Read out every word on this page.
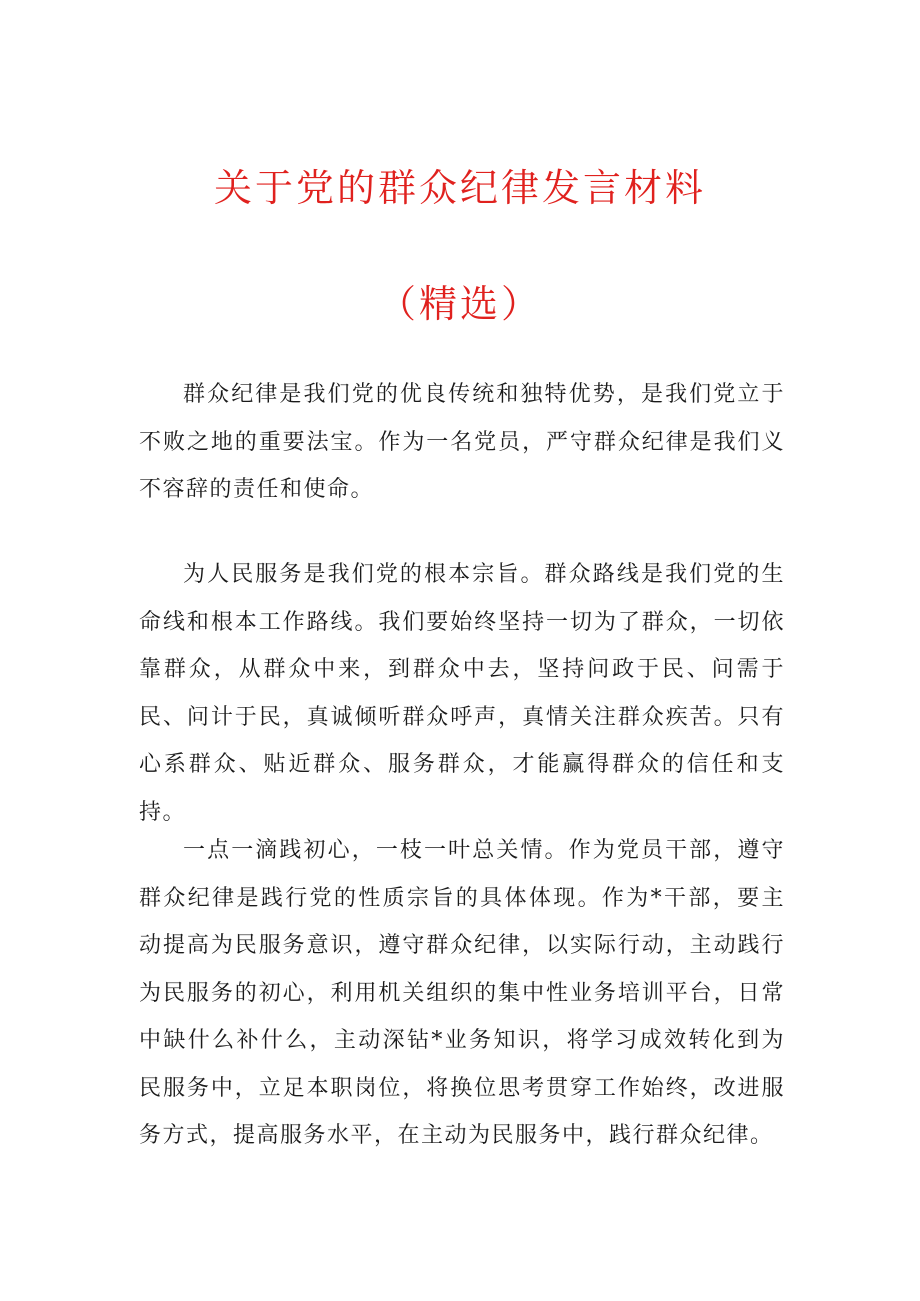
关于党的群众纪律发言材料
（精选）

群众纪律是我们党的优良传统和独特优势，是我们党立于不败之地的重要法宝。作为一名党员，严守群众纪律是我们义不容辞的责任和使命。

为人民服务是我们党的根本宗旨。群众路线是我们党的生命线和根本工作路线。我们要始终坚持一切为了群众，一切依靠群众，从群众中来，到群众中去，坚持问政于民、问需于民、问计于民，真诚倾听群众呼声，真情关注群众疾苦。只有心系群众、贴近群众、服务群众，才能赢得群众的信任和支持。

一点一滴践初心，一枝一叶总关情。作为党员干部，遵守群众纪律是践行党的性质宗旨的具体体现。作为*干部，要主动提高为民服务意识，遵守群众纪律，以实际行动，主动践行为民服务的初心，利用机关组织的集中性业务培训平台，日常中缺什么补什么，主动深钻*业务知识，将学习成效转化到为民服务中，立足本职岗位，将换位思考贯穿工作始终，改进服务方式，提高服务水平，在主动为民服务中，践行群众纪律。
